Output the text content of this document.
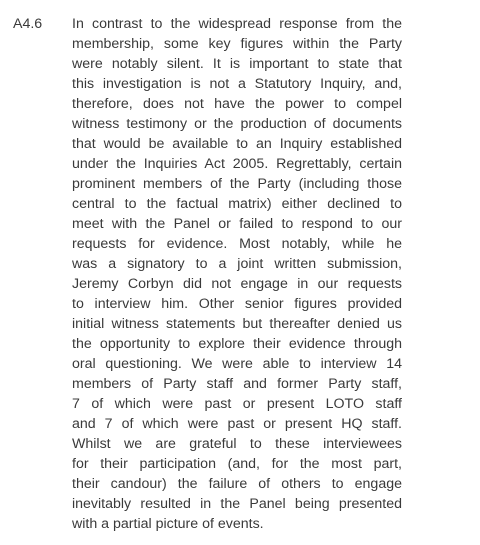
A4.6 In contrast to the widespread response from the
membership, some key figures within the Party
were notably silent. It is important to state that
this investigation is not a Statutory Inquiry, and,
therefore, does not have the power to compel
witness testimony or the production of documents
that would be available to an Inquiry established
under the Inquiries Act 2005. Regrettably, certain
prominent members of the Party (including those
central to the factual matrix) either declined to
meet with the Panel or failed to respond to our
requests for evidence. Most notably, while he
was a signatory to a joint written submission,
Jeremy Corbyn did not engage in our requests
to interview him. Other senior figures provided
initial witness statements but thereafter denied us
the opportunity to explore their evidence through
oral questioning. We were able to interview 14
members of Party staff and former Party staff,
7 of which were past or present LOTO staff
and 7 of which were past or present HQ staff.
Whilst we are grateful to these interviewees
for their participation (and, for the most part,
their candour) the failure of others to engage
inevitably resulted in the Panel being presented
with a partial picture of events.
